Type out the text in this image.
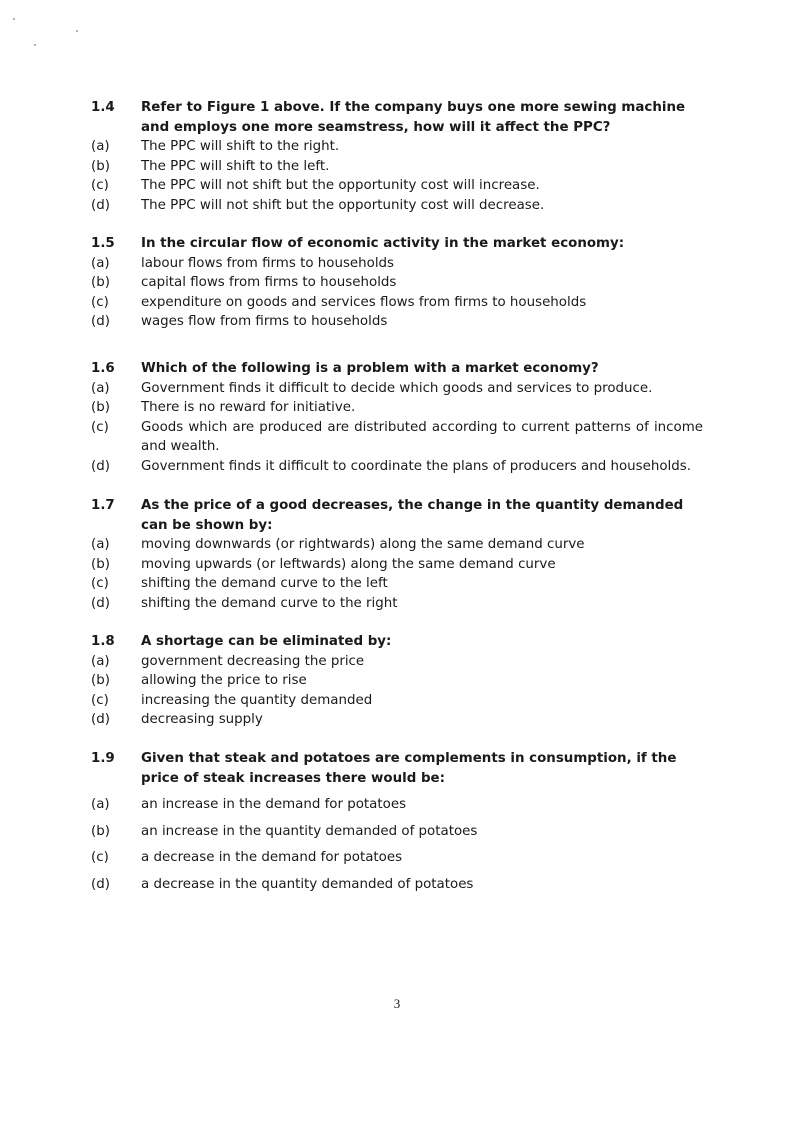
1.4	Refer to Figure 1 above. If the company buys one more sewing machine and employs one more seamstress, how will it affect the PPC?
(a)	The PPC will shift to the right.
(b)	The PPC will shift to the left.
(c)	The PPC will not shift but the opportunity cost will increase.
(d)	The PPC will not shift but the opportunity cost will decrease.
1.5	In the circular flow of economic activity in the market economy:
(a)	labour flows from firms to households
(b)	capital flows from firms to households
(c)	expenditure on goods and services flows from firms to households
(d)	wages flow from firms to households
1.6	Which of the following is a problem with a market economy?
(a)	Government finds it difficult to decide which goods and services to produce.
(b)	There is no reward for initiative.
(c)	Goods which are produced are distributed according to current patterns of income and wealth.
(d)	Government finds it difficult to coordinate the plans of producers and households.
1.7	As the price of a good decreases, the change in the quantity demanded can be shown by:
(a)	moving downwards (or rightwards) along the same demand curve
(b)	moving upwards (or leftwards) along the same demand curve
(c)	shifting the demand curve to the left
(d)	shifting the demand curve to the right
1.8	A shortage can be eliminated by:
(a)	government decreasing the price
(b)	allowing the price to rise
(c)	increasing the quantity demanded
(d)	decreasing supply
1.9	Given that steak and potatoes are complements in consumption, if the price of steak increases there would be:
(a)	an increase in the demand for potatoes
(b)	an increase in the quantity demanded of potatoes
(c)	a decrease in the demand for potatoes
(d)	a decrease in the quantity demanded of potatoes
3
